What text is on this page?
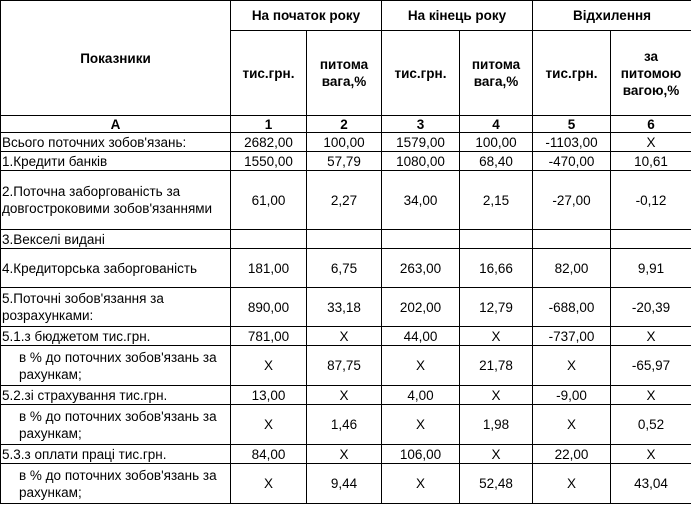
Показники	На початок року		На кінець року		Відхилення	
	тис.грн.	питома вага,%	тис.грн.	питома вага,%	тис.грн.	за питомою вагою,%
А	1	2	3	4	5	6
Всього поточних зобов'язань:	2682,00	100,00	1579,00	100,00	-1103,00	Х
1.Кредити банків	1550,00	57,79	1080,00	68,40	-470,00	10,61
2.Поточна заборгованість за довгостроковими зобов'язаннями	61,00	2,27	34,00	2,15	-27,00	-0,12
3.Векселі видані						
4.Кредиторська заборгованість	181,00	6,75	263,00	16,66	82,00	9,91
5.Поточні зобов'язання за розрахунками:	890,00	33,18	202,00	12,79	-688,00	-20,39
5.1.з бюджетом тис.грн.	781,00	Х	44,00	Х	-737,00	Х
в % до поточних зобов'язань за рахункам;	Х	87,75	Х	21,78	Х	-65,97
5.2.зі страхування тис.грн.	13,00	Х	4,00	Х	-9,00	Х
в % до поточних зобов'язань за рахункам;	Х	1,46	Х	1,98	Х	0,52
5.3.з оплати праці тис.грн.	84,00	Х	106,00	Х	22,00	Х
в % до поточних зобов'язань за рахункам;	Х	9,44	Х	52,48	Х	43,04
